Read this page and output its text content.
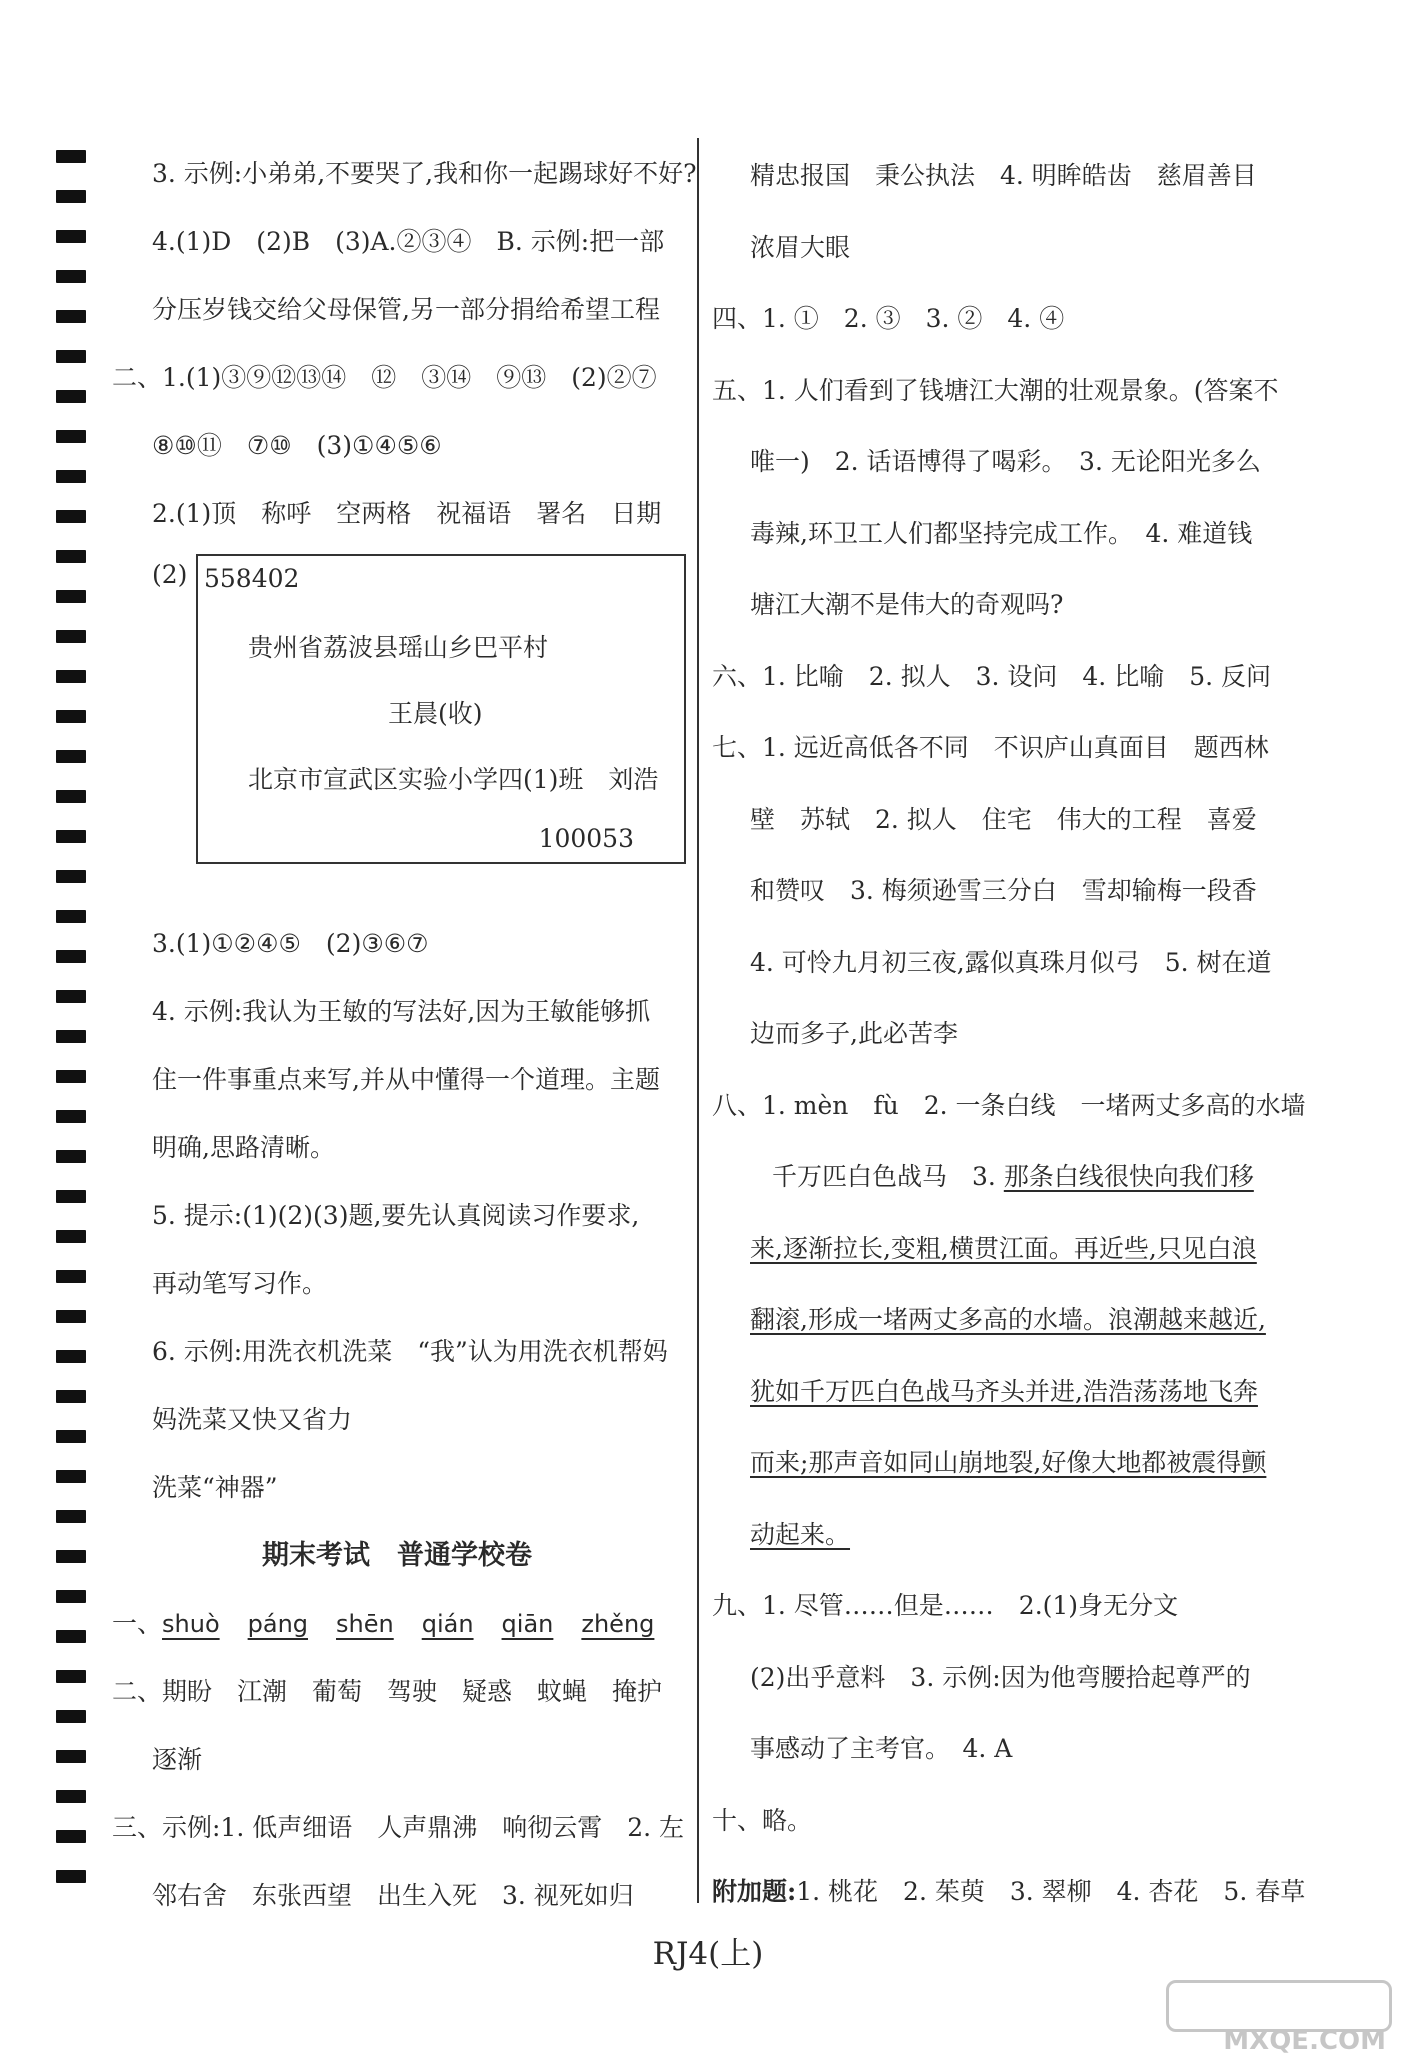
3. 示例:小弟弟,不要哭了,我和你一起踢球好不好?
4.(1)D　(2)B　(3)A.②③④　B. 示例:把一部
分压岁钱交给父母保管,另一部分捐给希望工程
二、1.(1)③⑨⑫⑬⑭　⑫　③⑭　⑨⑬　(2)②⑦
⑧⑩⑪　⑦⑩　(3)①④⑤⑥
2.(1)顶　称呼　空两格　祝福语　署名　日期
(2) 558402
贵州省荔波县瑶山乡巴平村
王晨(收)
北京市宣武区实验小学四(1)班　刘浩
100053
3.(1)①②④⑤　(2)③⑥⑦
4. 示例:我认为王敏的写法好,因为王敏能够抓
住一件事重点来写,并从中懂得一个道理。主题
明确,思路清晰。
5. 提示:(1)(2)(3)题,要先认真阅读习作要求,
再动笔写习作。
6. 示例:用洗衣机洗菜　“我”认为用洗衣机帮妈
妈洗菜又快又省力
洗菜“神器”
期末考试　普通学校卷
一、shuò páng shēn qián qiān zhěng
二、期盼　江潮　葡萄　驾驶　疑惑　蚊蝇　掩护
逐渐
三、示例:1. 低声细语　人声鼎沸　响彻云霄　2. 左
邻右舍　东张西望　出生入死　3. 视死如归
精忠报国　秉公执法　4. 明眸皓齿　慈眉善目
浓眉大眼
四、1. ①　2. ③　3. ②　4. ④
五、1. 人们看到了钱塘江大潮的壮观景象。(答案不
唯一)　2. 话语博得了喝彩。　3. 无论阳光多么
毒辣,环卫工人们都坚持完成工作。　4. 难道钱
塘江大潮不是伟大的奇观吗?
六、1. 比喻　2. 拟人　3. 设问　4. 比喻　5. 反问
七、1. 远近高低各不同　不识庐山真面目　题西林
壁　苏轼　2. 拟人　住宅　伟大的工程　喜爱
和赞叹　3. 梅须逊雪三分白　雪却输梅一段香
4. 可怜九月初三夜,露似真珠月似弓　5. 树在道
边而多子,此必苦李
八、1. mèn　fù　2. 一条白线　一堵两丈多高的水墙
千万匹白色战马　3. 那条白线很快向我们移
来,逐渐拉长,变粗,横贯江面。再近些,只见白浪
翻滚,形成一堵两丈多高的水墙。浪潮越来越近,
犹如千万匹白色战马齐头并进,浩浩荡荡地飞奔
而来;那声音如同山崩地裂,好像大地都被震得颤
动起来。
九、1. 尽管……但是……　2.(1)身无分文
(2)出乎意料　3. 示例:因为他弯腰拾起尊严的
事感动了主考官。　4. A
十、略。
附加题:1. 桃花　2. 茱萸　3. 翠柳　4. 杏花　5. 春草
RJ4(上)
MXQE.COM
